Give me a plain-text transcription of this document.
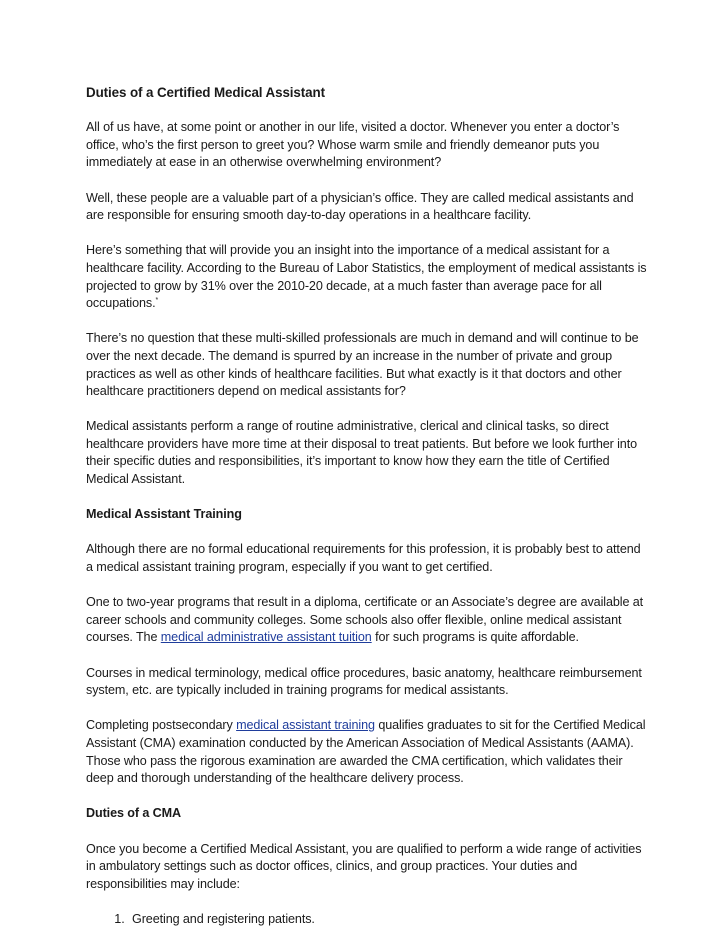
Duties of a Certified Medical Assistant

All of us have, at some point or another in our life, visited a doctor. Whenever you enter a doctor’s office, who’s the first person to greet you? Whose warm smile and friendly demeanor puts you immediately at ease in an otherwise overwhelming environment?

Well, these people are a valuable part of a physician’s office. They are called medical assistants and are responsible for ensuring smooth day-to-day operations in a healthcare facility.

Here’s something that will provide you an insight into the importance of a medical assistant for a healthcare facility. According to the Bureau of Labor Statistics, the employment of medical assistants is projected to grow by 31% over the 2010-20 decade, at a much faster than average pace for all occupations.*

There’s no question that these multi-skilled professionals are much in demand and will continue to be over the next decade. The demand is spurred by an increase in the number of private and group practices as well as other kinds of healthcare facilities. But what exactly is it that doctors and other healthcare practitioners depend on medical assistants for?

Medical assistants perform a range of routine administrative, clerical and clinical tasks, so direct healthcare providers have more time at their disposal to treat patients. But before we look further into their specific duties and responsibilities, it’s important to know how they earn the title of Certified Medical Assistant.

Medical Assistant Training

Although there are no formal educational requirements for this profession, it is probably best to attend a medical assistant training program, especially if you want to get certified.

One to two-year programs that result in a diploma, certificate or an Associate’s degree are available at career schools and community colleges. Some schools also offer flexible, online medical assistant courses. The medical administrative assistant tuition for such programs is quite affordable.

Courses in medical terminology, medical office procedures, basic anatomy, healthcare reimbursement system, etc. are typically included in training programs for medical assistants.

Completing postsecondary medical assistant training qualifies graduates to sit for the Certified Medical Assistant (CMA) examination conducted by the American Association of Medical Assistants (AAMA). Those who pass the rigorous examination are awarded the CMA certification, which validates their deep and thorough understanding of the healthcare delivery process.

Duties of a CMA

Once you become a Certified Medical Assistant, you are qualified to perform a wide range of activities in ambulatory settings such as doctor offices, clinics, and group practices. Your duties and responsibilities may include:

1. Greeting and registering patients.
